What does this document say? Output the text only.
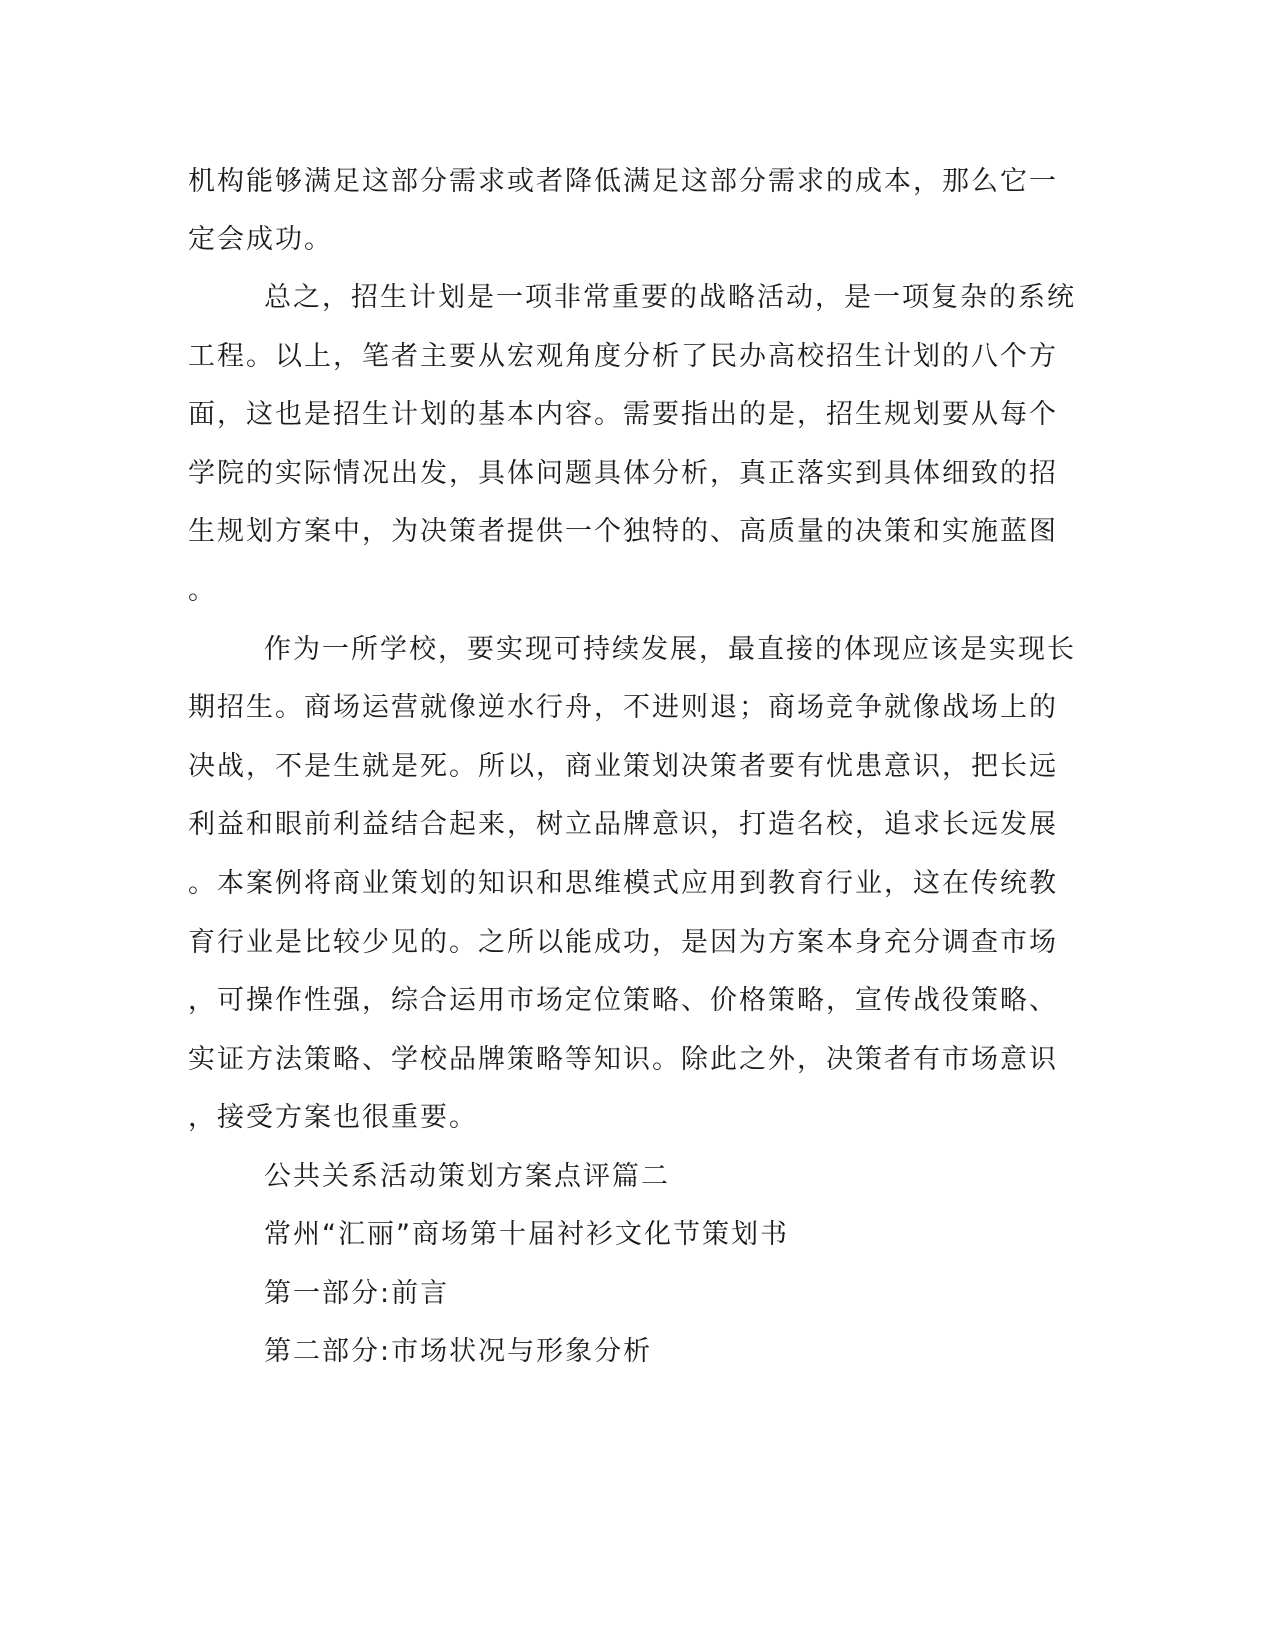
机构能够满足这部分需求或者降低满足这部分需求的成本，那么它一
定会成功。
总之，招生计划是一项非常重要的战略活动，是一项复杂的系统
工程。以上，笔者主要从宏观角度分析了民办高校招生计划的八个方
面，这也是招生计划的基本内容。需要指出的是，招生规划要从每个
学院的实际情况出发，具体问题具体分析，真正落实到具体细致的招
生规划方案中，为决策者提供一个独特的、高质量的决策和实施蓝图
。
作为一所学校，要实现可持续发展，最直接的体现应该是实现长
期招生。商场运营就像逆水行舟，不进则退；商场竞争就像战场上的
决战，不是生就是死。所以，商业策划决策者要有忧患意识，把长远
利益和眼前利益结合起来，树立品牌意识，打造名校，追求长远发展
。本案例将商业策划的知识和思维模式应用到教育行业，这在传统教
育行业是比较少见的。之所以能成功，是因为方案本身充分调查市场
，可操作性强，综合运用市场定位策略、价格策略，宣传战役策略、
实证方法策略、学校品牌策略等知识。除此之外，决策者有市场意识
，接受方案也很重要。
公共关系活动策划方案点评篇二
常州“汇丽”商场第十届衬衫文化节策划书
第一部分:前言
第二部分:市场状况与形象分析
